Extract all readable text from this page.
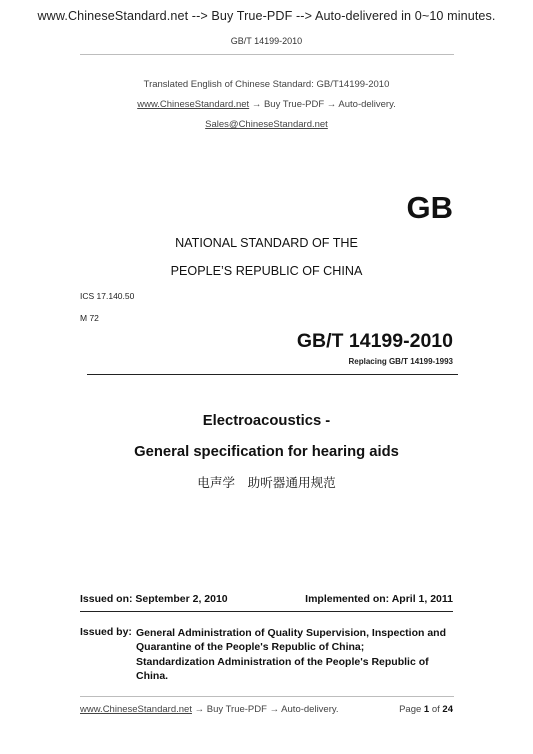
www.ChineseStandard.net --> Buy True-PDF --> Auto-delivered in 0~10 minutes.
GB/T 14199-2010
Translated English of Chinese Standard: GB/T14199-2010
www.ChineseStandard.net → Buy True-PDF → Auto-delivery.
Sales@ChineseStandard.net
GB
NATIONAL STANDARD OF THE
PEOPLE’S REPUBLIC OF CHINA
ICS 17.140.50
M 72
GB/T 14199-2010
Replacing GB/T 14199-1993
Electroacoustics -
General specification for hearing aids
电声学　助听器通用规范
Issued on: September 2, 2010	Implemented on: April 1, 2011
Issued by: General Administration of Quality Supervision, Inspection and
Quarantine of the People's Republic of China;
Standardization Administration of the People's Republic of
China.
www.ChineseStandard.net → Buy True-PDF → Auto-delivery.	Page 1 of 24
